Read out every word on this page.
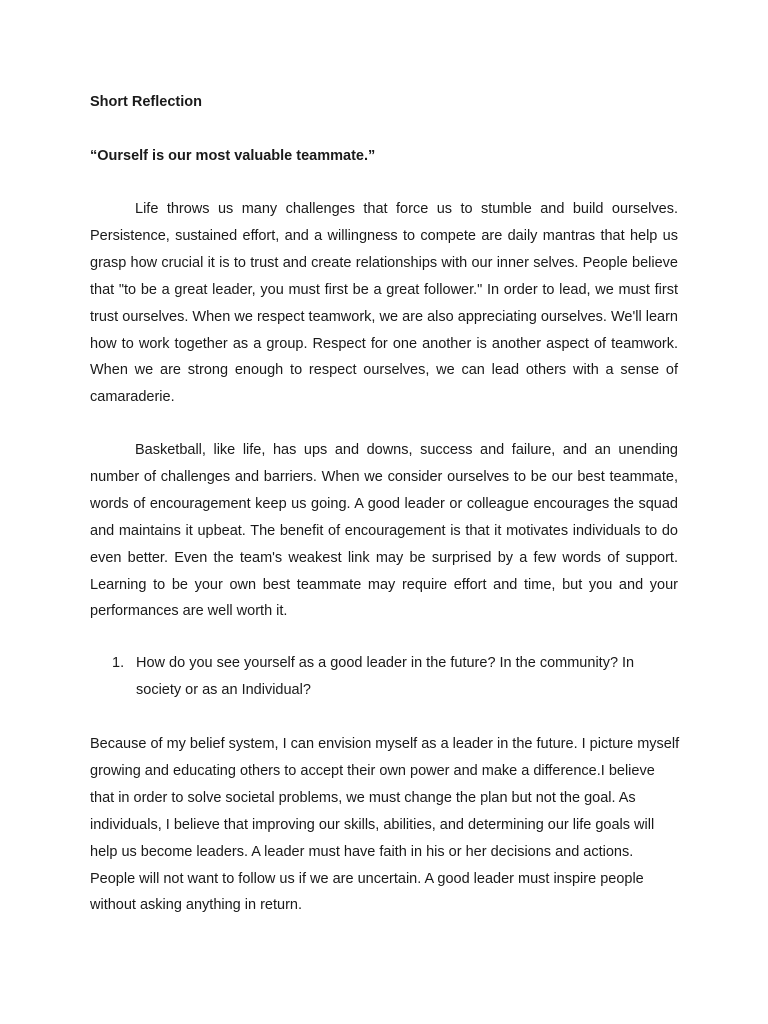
Short Reflection

“Ourself is our most valuable teammate.”

Life throws us many challenges that force us to stumble and build ourselves. Persistence, sustained effort, and a willingness to compete are daily mantras that help us grasp how crucial it is to trust and create relationships with our inner selves. People believe that "to be a great leader, you must first be a great follower." In order to lead, we must first trust ourselves. When we respect teamwork, we are also appreciating ourselves. We'll learn how to work together as a group. Respect for one another is another aspect of teamwork. When we are strong enough to respect ourselves, we can lead others with a sense of camaraderie.

Basketball, like life, has ups and downs, success and failure, and an unending number of challenges and barriers. When we consider ourselves to be our best teammate, words of encouragement keep us going. A good leader or colleague encourages the squad and maintains it upbeat. The benefit of encouragement is that it motivates individuals to do even better. Even the team's weakest link may be surprised by a few words of support. Learning to be your own best teammate may require effort and time, but you and your performances are well worth it.

1. How do you see yourself as a good leader in the future? In the community? In society or as an Individual?

Because of my belief system, I can envision myself as a leader in the future. I picture myself growing and educating others to accept their own power and make a difference.I believe that in order to solve societal problems, we must change the plan but not the goal. As individuals, I believe that improving our skills, abilities, and determining our life goals will help us become leaders. A leader must have faith in his or her decisions and actions. People will not want to follow us if we are uncertain. A good leader must inspire people without asking anything in return.
